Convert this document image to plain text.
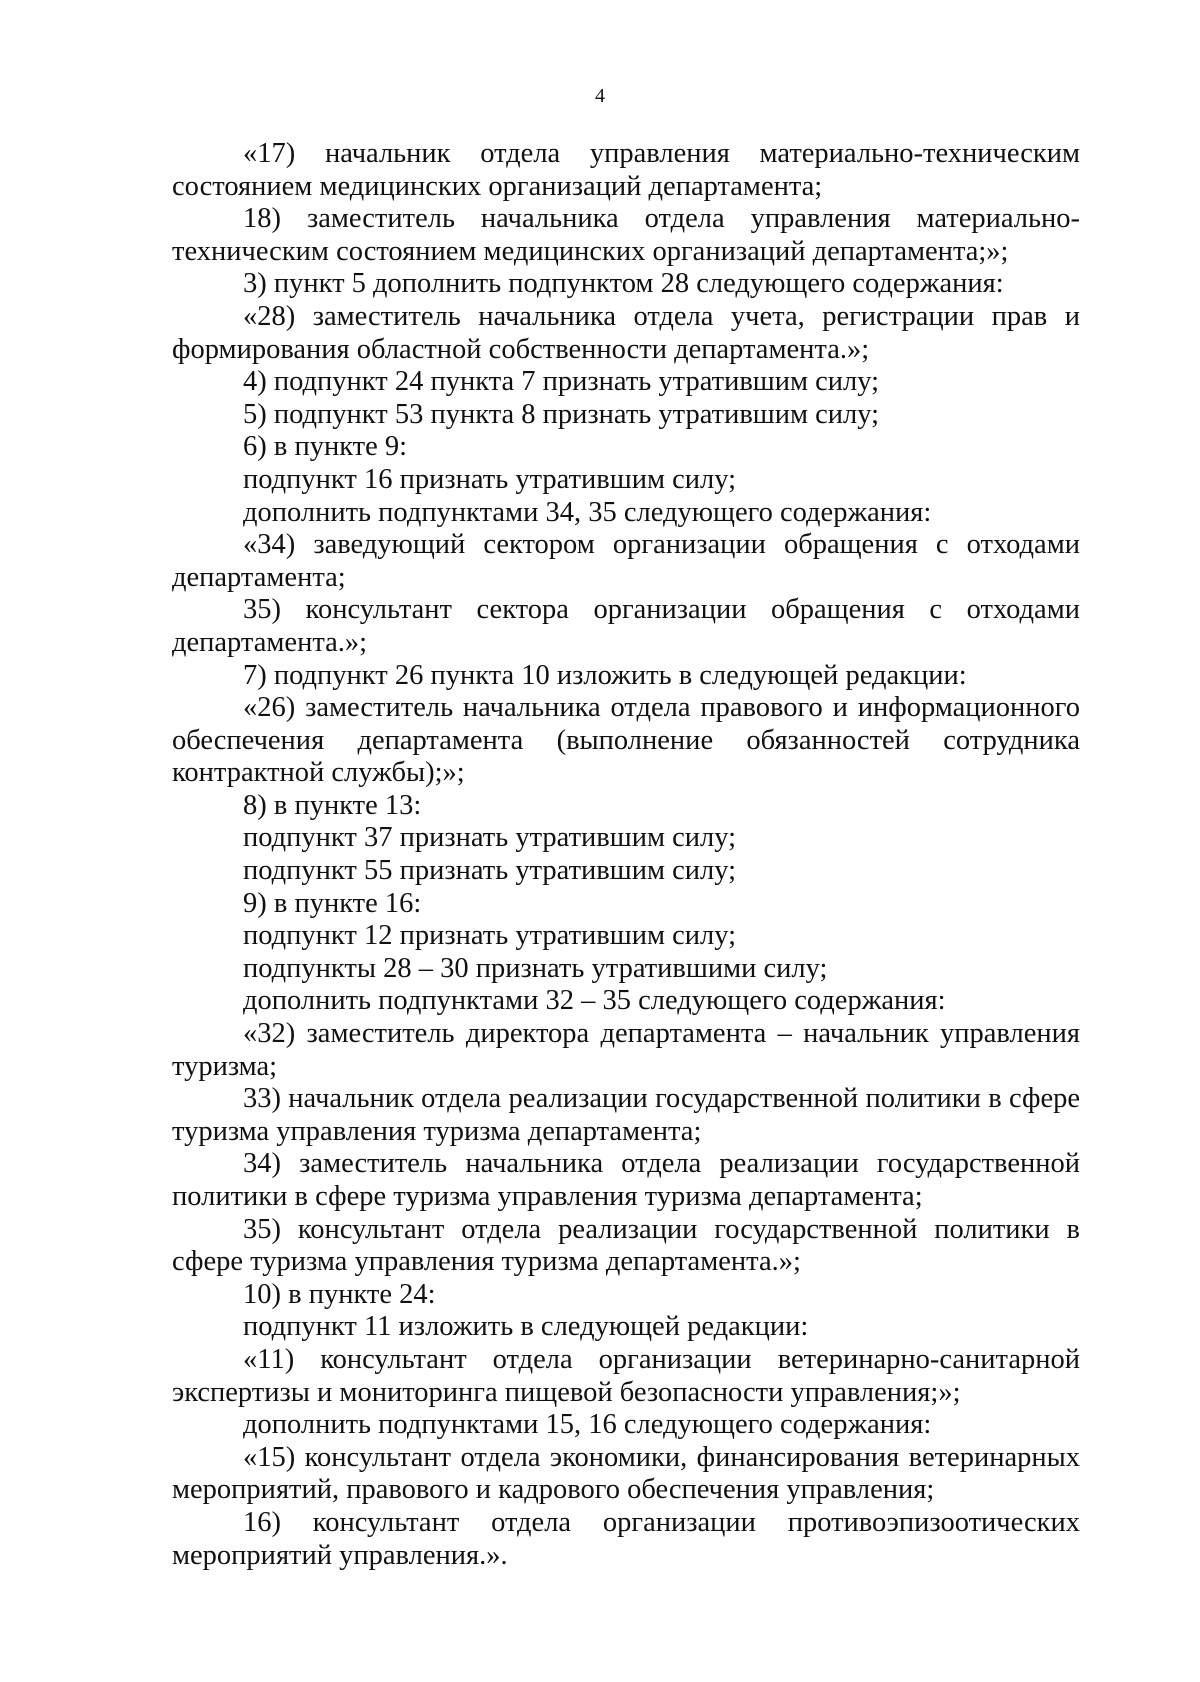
4

«17) начальник отдела управления материально-техническим состоянием медицинских организаций департамента;

18) заместитель начальника отдела управления материально-техническим состоянием медицинских организаций департамента;»;

3) пункт 5 дополнить подпунктом 28 следующего содержания:

«28) заместитель начальника отдела учета, регистрации прав и формирования областной собственности департамента.»;

4) подпункт 24 пункта 7 признать утратившим силу;

5) подпункт 53 пункта 8 признать утратившим силу;

6) в пункте 9:

подпункт 16 признать утратившим силу;

дополнить подпунктами 34, 35 следующего содержания:

«34) заведующий сектором организации обращения с отходами департамента;

35) консультант сектора организации обращения с отходами департамента.»;

7) подпункт 26 пункта 10 изложить в следующей редакции:

«26) заместитель начальника отдела правового и информационного обеспечения департамента (выполнение обязанностей сотрудника контрактной службы);»;

8) в пункте 13:

подпункт 37 признать утратившим силу;

подпункт 55 признать утратившим силу;

9) в пункте 16:

подпункт 12 признать утратившим силу;

подпункты 28 – 30 признать утратившими силу;

дополнить подпунктами 32 – 35 следующего содержания:

«32) заместитель директора департамента – начальник управления туризма;

33) начальник отдела реализации государственной политики в сфере туризма управления туризма департамента;

34) заместитель начальника отдела реализации государственной политики в сфере туризма управления туризма департамента;

35) консультант отдела реализации государственной политики в сфере туризма управления туризма департамента.»;

10) в пункте 24:

подпункт 11 изложить в следующей редакции:

«11) консультант отдела организации ветеринарно-санитарной экспертизы и мониторинга пищевой безопасности управления;»;

дополнить подпунктами 15, 16 следующего содержания:

«15) консультант отдела экономики, финансирования ветеринарных мероприятий, правового и кадрового обеспечения управления;

16) консультант отдела организации противоэпизоотических мероприятий управления.».
